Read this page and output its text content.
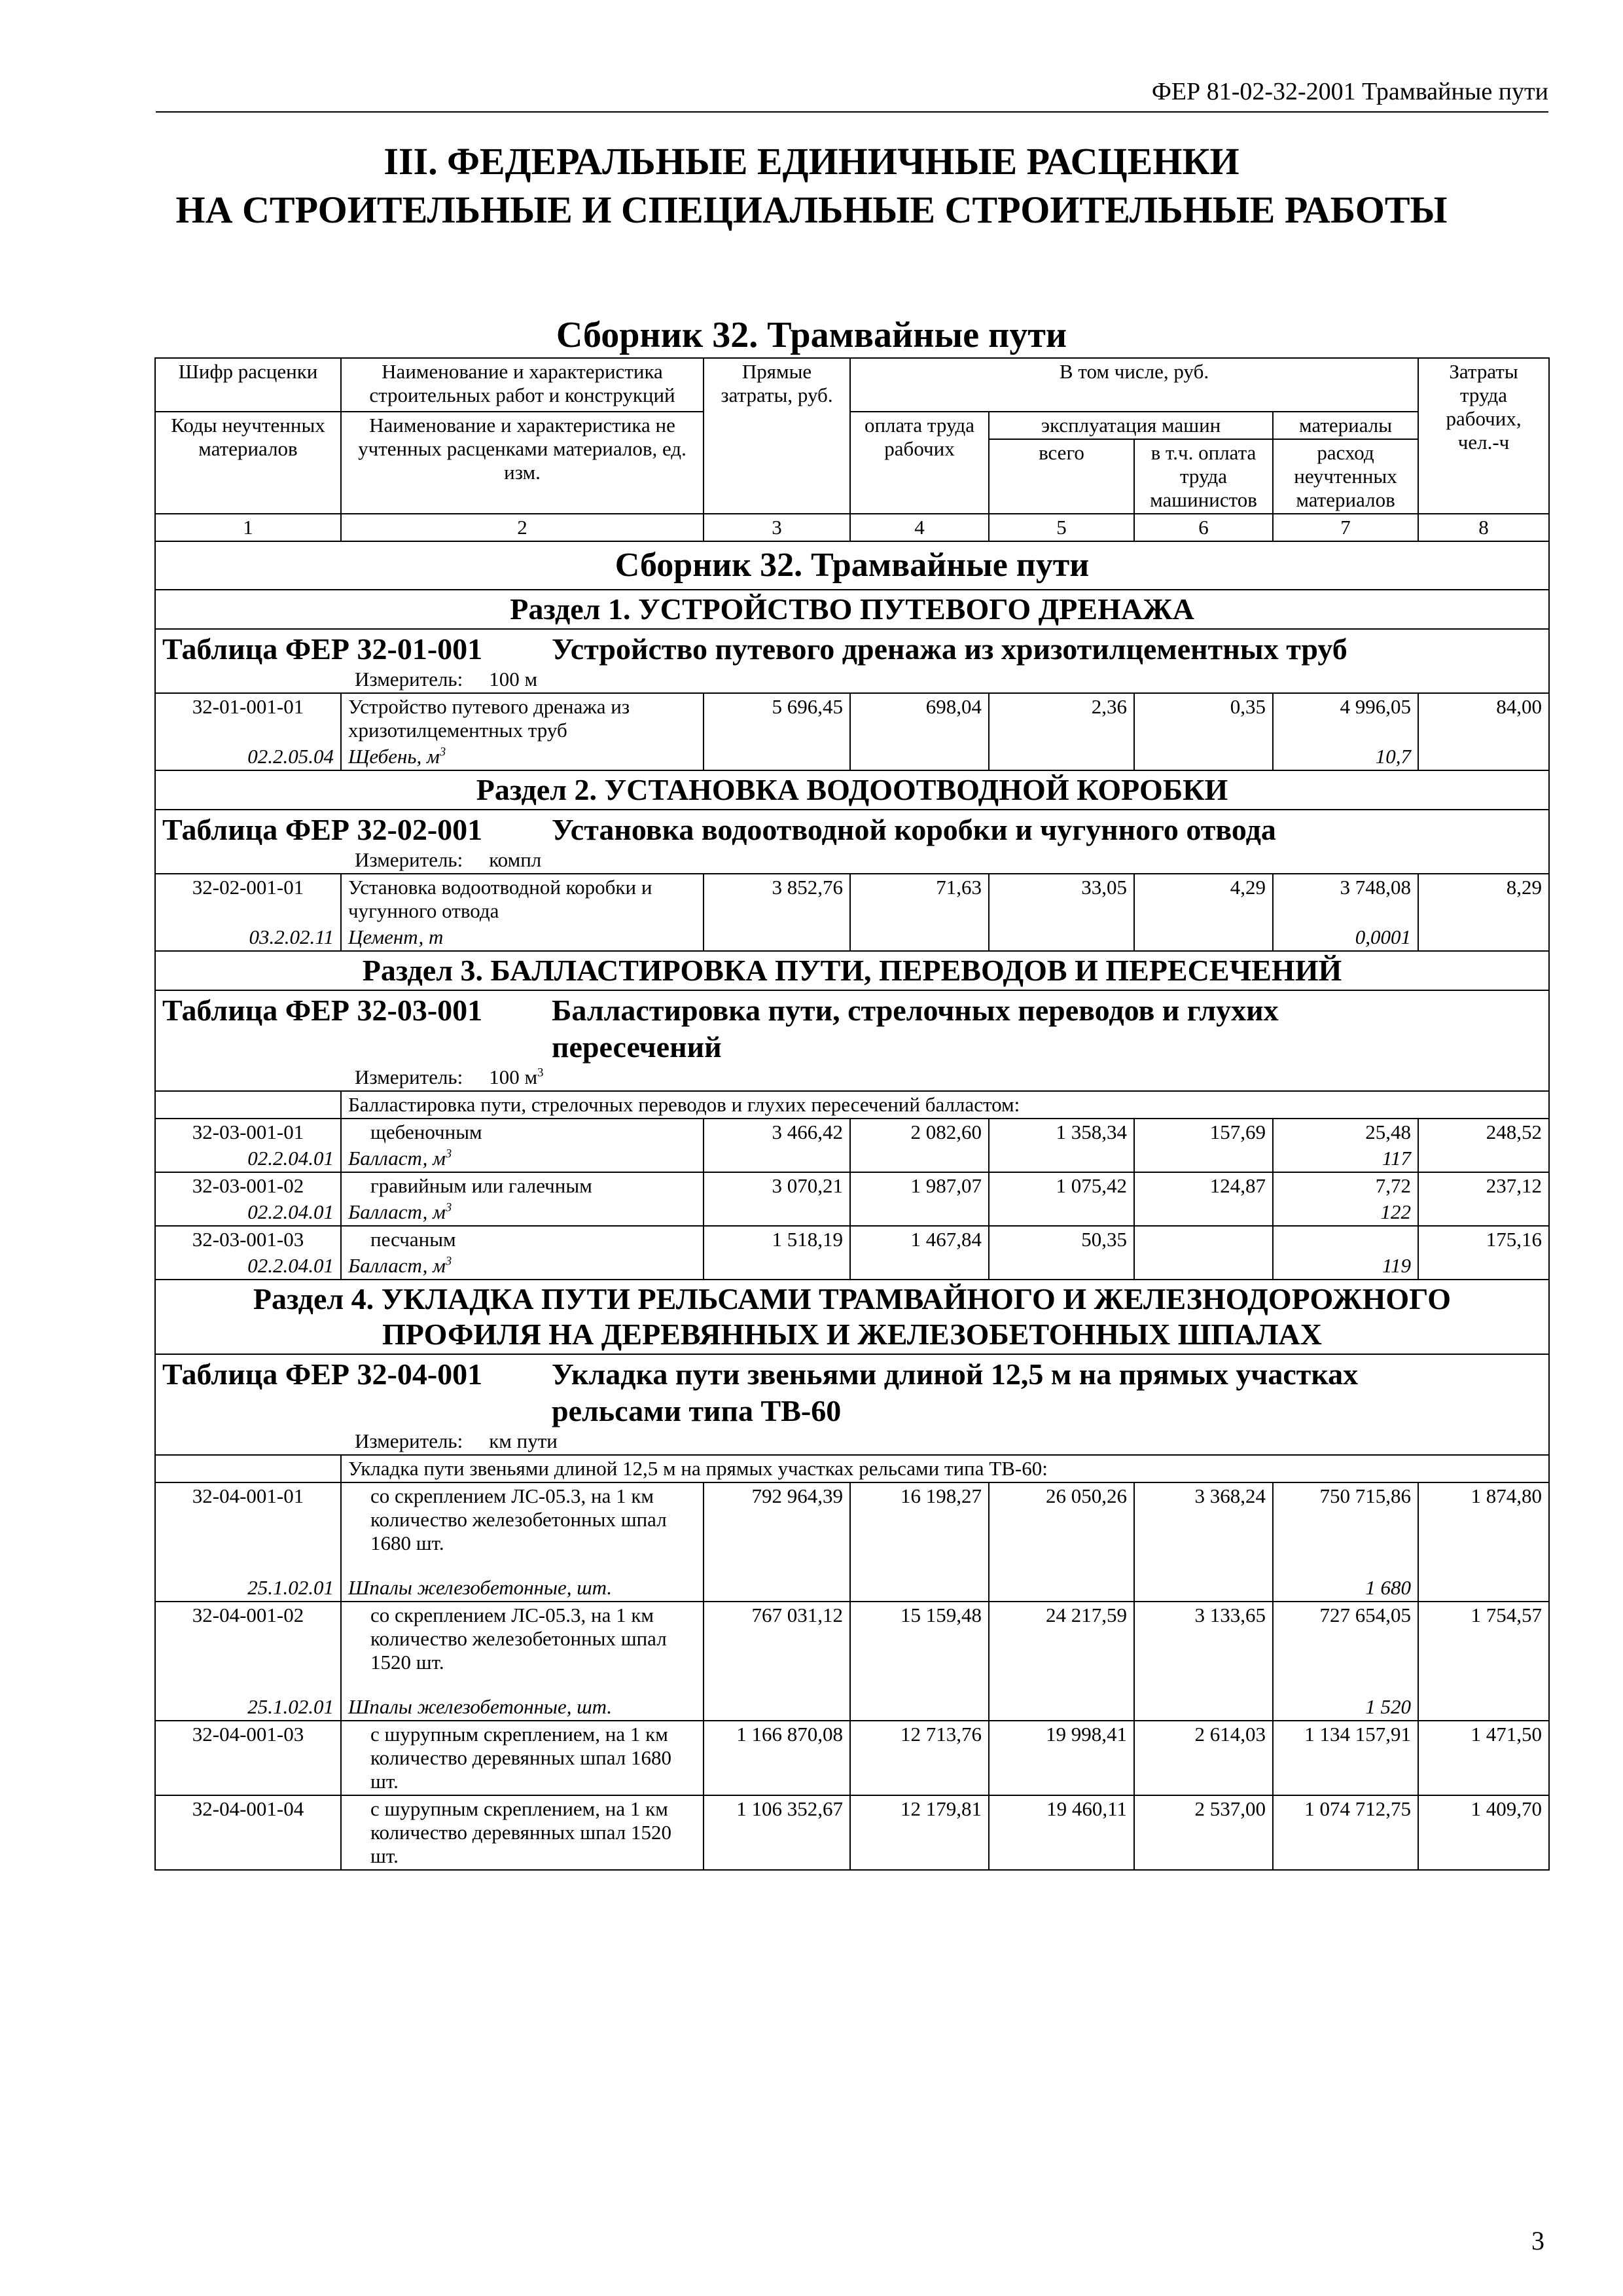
ФЕР 81-02-32-2001 Трамвайные пути
III. ФЕДЕРАЛЬНЫЕ ЕДИНИЧНЫЕ РАСЦЕНКИ
НА СТРОИТЕЛЬНЫЕ И СПЕЦИАЛЬНЫЕ СТРОИТЕЛЬНЫЕ РАБОТЫ
Сборник 32. Трамвайные пути
Шифр расценки	Наименование и характеристика строительных работ и конструкций	Прямые затраты, руб.	В том числе, руб.				Затраты труда рабочих, чел.-ч
Коды неучтенных материалов	Наименование и характеристика не учтенных расценками материалов, ед. изм.		оплата труда рабочих	эксплуатация машин		материалы	
				всего	в т.ч. оплата труда машинистов	расход неучтенных материалов	
1	2	3	4	5	6	7	8
Сборник 32. Трамвайные пути							
Раздел 1. УСТРОЙСТВО ПУТЕВОГО ДРЕНАЖА							

Таблица ФЕР 32-01-001 Устройство путевого дренажа из хризотилцементных труб
Измеритель: 100 м							

32-01-001-01	Устройство путевого дренажа из хризотилцементных труб	5 696,45	698,04	2,36	0,35	4 996,05	84,00
02.2.05.04	Щебень, $м^3$					10,7	
Раздел 2. УСТАНОВКА ВОДООТВОДНОЙ КОРОБКИ							

Таблица ФЕР 32-02-001 Установка водоотводной коробки и чугунного отвода
Измеритель: компл							

32-02-001-01	Установка водоотводной коробки и чугунного отвода	3 852,76	71,63	33,05	4,29	3 748,08	8,29
03.2.02.11	Цемент, т					0,0001	
Раздел 3. БАЛЛАСТИРОВКА ПУТИ, ПЕРЕВОДОВ И ПЕРЕСЕЧЕНИЙ							

Таблица ФЕР 32-03-001 Балластировка пути, стрелочных переводов и глухих
пересечений
Измеритель: 100 $м^3$

	Балластировка пути, стрелочных переводов и глухих пересечений балластом:						
32-03-001-01	щебеночным	3 466,42	2 082,60	1 358,34	157,69	25,48	248,52
02.2.04.01	Балласт, $м^3$					117	
32-03-001-02	гравийным или галечным	3 070,21	1 987,07	1 075,42	124,87	7,72	237,12
02.2.04.01	Балласт, $м^3$					122	
32-03-001-03	песчаным	1 518,19	1 467,84	50,35			175,16
02.2.04.01	Балласт, $м^3$					119	
Раздел 4. УКЛАДКА ПУТИ РЕЛЬСАМИ ТРАМВАЙНОГО И ЖЕЛЕЗНОДОРОЖНОГО
ПРОФИЛЯ НА ДЕРЕВЯННЫХ И ЖЕЛЕЗОБЕТОННЫХ ШПАЛАХ							

Таблица ФЕР 32-04-001 Укладка пути звеньями длиной 12,5 м на прямых участках
рельсами типа ТВ-60
Измеритель: км пути							

	Укладка пути звеньями длиной 12,5 м на прямых участках рельсами типа ТВ-60:						
32-04-001-01	со скреплением ЛС-05.3, на 1 км количество железобетонных шпал 1680 шт.	792 964,39	16 198,27	26 050,26	3 368,24	750 715,86	1 874,80
25.1.02.01	Шпалы железобетонные, шт.					1 680	
32-04-001-02	со скреплением ЛС-05.3, на 1 км количество железобетонных шпал 1520 шт.	767 031,12	15 159,48	24 217,59	3 133,65	727 654,05	1 754,57
25.1.02.01	Шпалы железобетонные, шт.					1 520	
32-04-001-03	с шурупным скреплением, на 1 км количество деревянных шпал 1680 шт.	1 166 870,08	12 713,76	19 998,41	2 614,03	1 134 157,91	1 471,50
32-04-001-04	с шурупным скреплением, на 1 км количество деревянных шпал 1520 шт.	1 106 352,67	12 179,81	19 460,11	2 537,00	1 074 712,75	1 409,70
3
